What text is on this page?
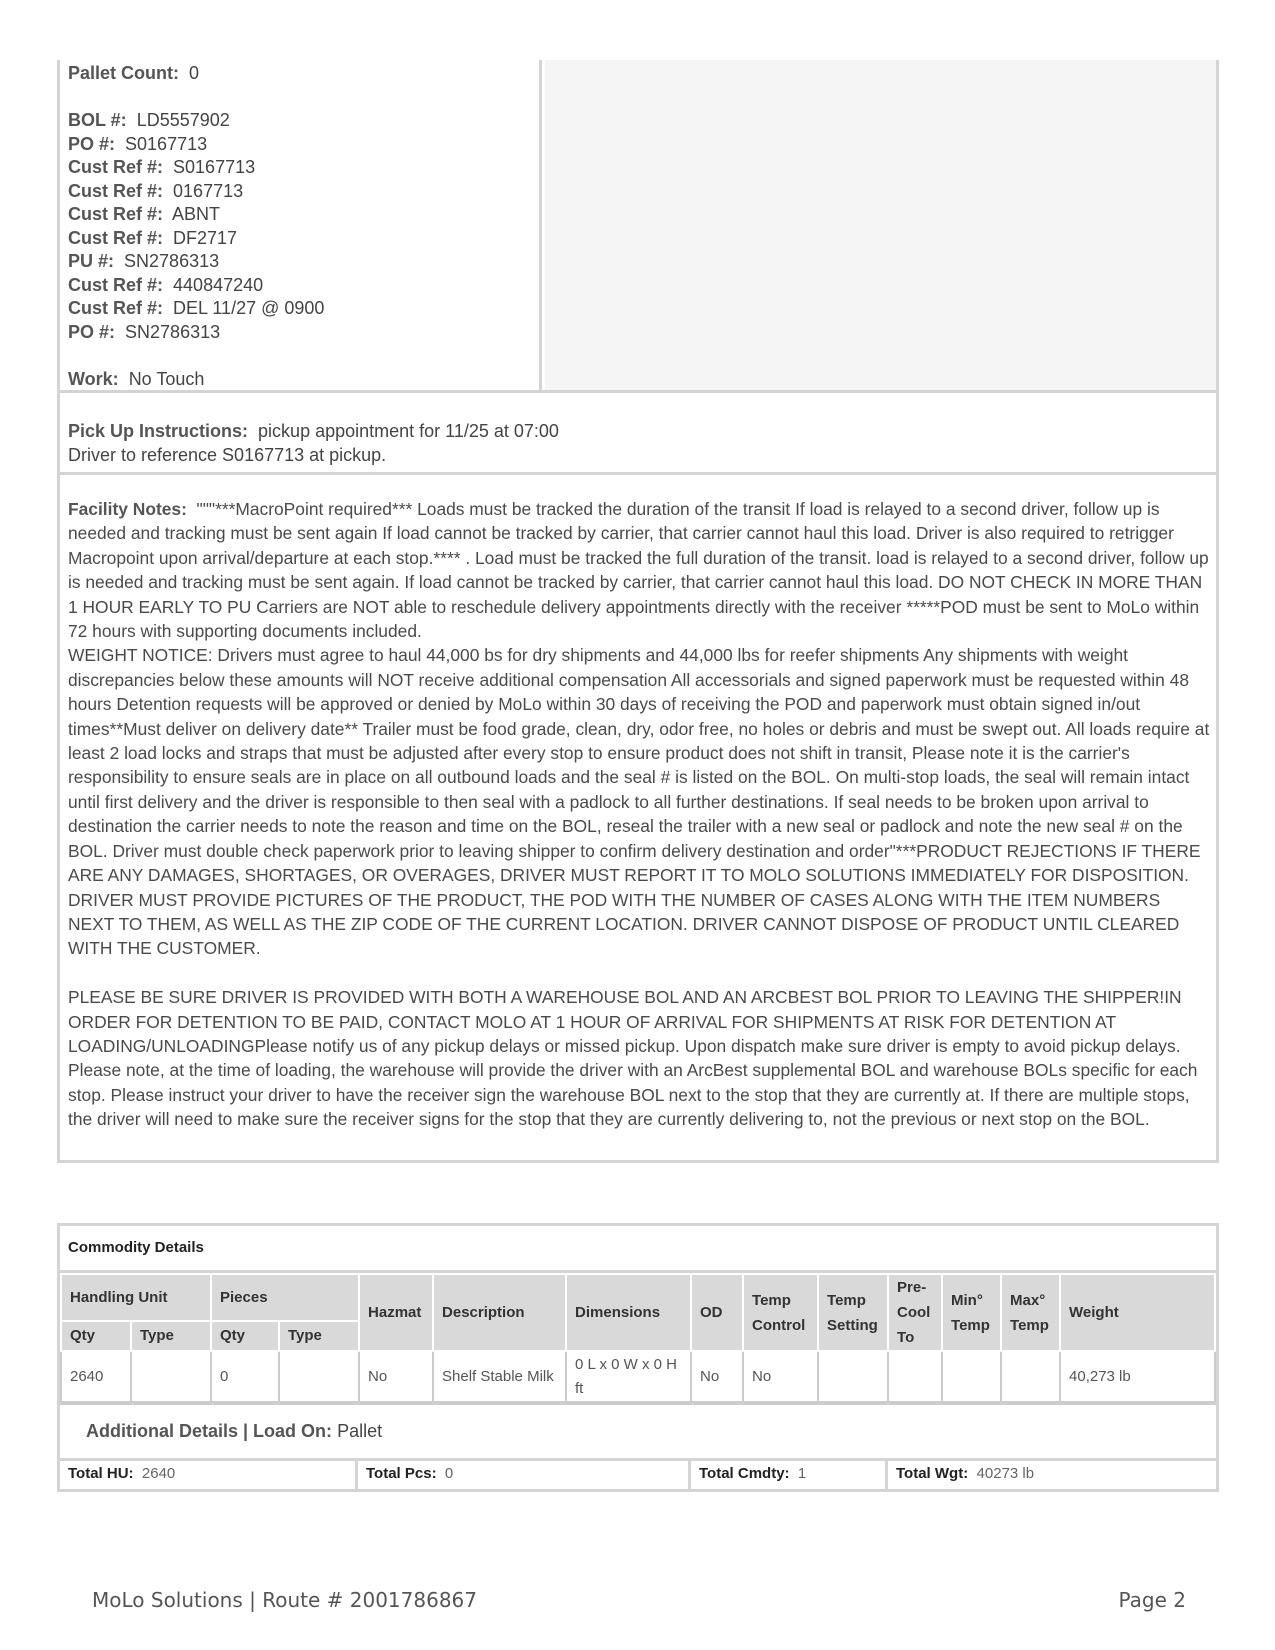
Pallet Count: 0
BOL #: LD5557902
PO #: S0167713
Cust Ref #: S0167713
Cust Ref #: 0167713
Cust Ref #: ABNT
Cust Ref #: DF2717
PU #: SN2786313
Cust Ref #: 440847240
Cust Ref #: DEL 11/27 @ 0900
PO #: SN2786313
Work: No Touch
Pick Up Instructions: pickup appointment for 11/25 at 07:00
Driver to reference S0167713 at pickup.

Facility Notes: """***MacroPoint required*** Loads must be tracked the duration of the transit If load is relayed to a second driver, follow up is needed and tracking must be sent again If load cannot be tracked by carrier, that carrier cannot haul this load. Driver is also required to retrigger Macropoint upon arrival/departure at each stop.**** . Load must be tracked the full duration of the transit. load is relayed to a second driver, follow up is needed and tracking must be sent again. If load cannot be tracked by carrier, that carrier cannot haul this load. DO NOT CHECK IN MORE THAN 1 HOUR EARLY TO PU Carriers are NOT able to reschedule delivery appointments directly with the receiver *****POD must be sent to MoLo within 72 hours with supporting documents included.

WEIGHT NOTICE: Drivers must agree to haul 44,000 bs for dry shipments and 44,000 lbs for reefer shipments Any shipments with weight discrepancies below these amounts will NOT receive additional compensation All accessorials and signed paperwork must be requested within 48 hours Detention requests will be approved or denied by MoLo within 30 days of receiving the POD and paperwork must obtain signed in/out times**Must deliver on delivery date** Trailer must be food grade, clean, dry, odor free, no holes or debris and must be swept out. All loads require at least 2 load locks and straps that must be adjusted after every stop to ensure product does not shift in transit, Please note it is the carrier's responsibility to ensure seals are in place on all outbound loads and the seal # is listed on the BOL. On multi-stop loads, the seal will remain intact until first delivery and the driver is responsible to then seal with a padlock to all further destinations. If seal needs to be broken upon arrival to destination the carrier needs to note the reason and time on the BOL, reseal the trailer with a new seal or padlock and note the new seal # on the BOL. Driver must double check paperwork prior to leaving shipper to confirm delivery destination and order"***PRODUCT REJECTIONS IF THERE ARE ANY DAMAGES, SHORTAGES, OR OVERAGES, DRIVER MUST REPORT IT TO MOLO SOLUTIONS IMMEDIATELY FOR DISPOSITION. DRIVER MUST PROVIDE PICTURES OF THE PRODUCT, THE POD WITH THE NUMBER OF CASES ALONG WITH THE ITEM NUMBERS NEXT TO THEM, AS WELL AS THE ZIP CODE OF THE CURRENT LOCATION. DRIVER CANNOT DISPOSE OF PRODUCT UNTIL CLEARED WITH THE CUSTOMER.

PLEASE BE SURE DRIVER IS PROVIDED WITH BOTH A WAREHOUSE BOL AND AN ARCBEST BOL PRIOR TO LEAVING THE SHIPPER!IN ORDER FOR DETENTION TO BE PAID, CONTACT MOLO AT 1 HOUR OF ARRIVAL FOR SHIPMENTS AT RISK FOR DETENTION AT LOADING/UNLOADINGPlease notify us of any pickup delays or missed pickup. Upon dispatch make sure driver is empty to avoid pickup delays. Please note, at the time of loading, the warehouse will provide the driver with an ArcBest supplemental BOL and warehouse BOLs specific for each stop. Please instruct your driver to have the receiver sign the warehouse BOL next to the stop that they are currently at. If there are multiple stops, the driver will need to make sure the receiver signs for the stop that they are currently delivering to, not the previous or next stop on the BOL.

Commodity Details
Handling Unit		Pieces		Hazmat	Description	Dimensions	OD	Temp Control	Temp Setting	Pre-Cool To	Min° Temp	Max° Temp	Weight
Qty	Type	Qty	Type										
2640		0		No	Shelf Stable Milk	0 L x 0 W x 0 H ft	No	No					40,273 lb
Additional Details | Load On: Pallet
Total HU: 2640	Total Pcs: 0	Total Cmdty: 1	Total Wgt: 40273 lb
MoLo Solutions | Route # 2001786867	Page 2
